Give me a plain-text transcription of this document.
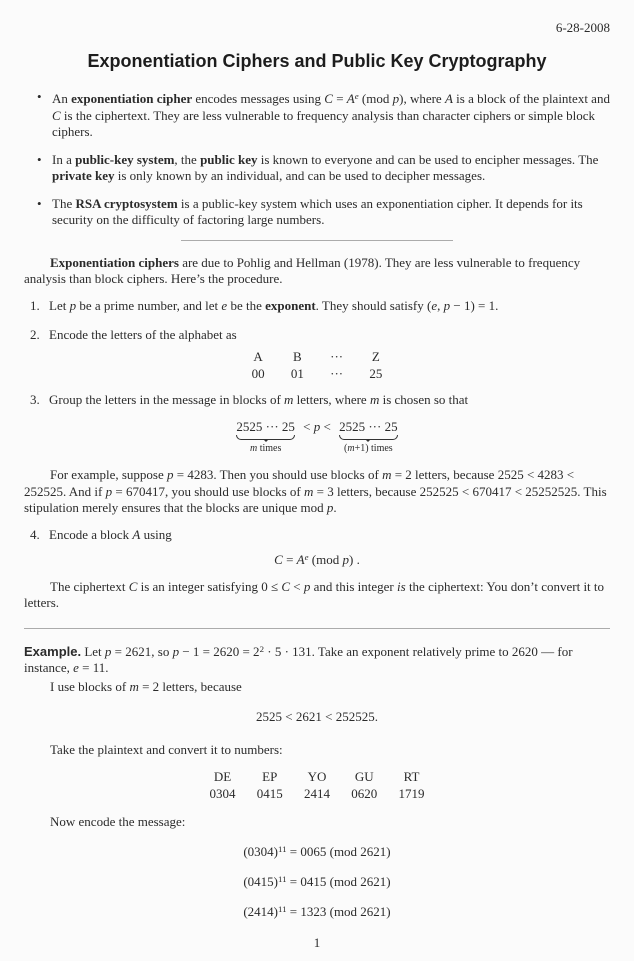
6-28-2008
Exponentiation Ciphers and Public Key Cryptography
• An exponentiation cipher encodes messages using $C = A^e$ (mod p), where A is a block of the plaintext and C is the ciphertext. They are less vulnerable to frequency analysis than character ciphers or simple block ciphers.
• In a public-key system, the public key is known to everyone and can be used to encipher messages. The private key is only known by an individual, and can be used to decipher messages.
• The RSA cryptosystem is a public-key system which uses an exponentiation cipher. It depends for its security on the difficulty of factoring large numbers.

Exponentiation ciphers are due to Pohlig and Hellman (1978). They are less vulnerable to frequency analysis than block ciphers. Here’s the procedure.

1. Let p be a prime number, and let e be the exponent. They should satisfy (e, p − 1) = 1.
2. Encode the letters of the alphabet as
A B ··· Z
00 01 ··· 25
3. Group the letters in the message in blocks of m letters, where m is chosen so that
2525 ··· 25
m times
< p < 2525 ··· 25
(m+1) times

For example, suppose p = 4283. Then you should use blocks of m = 2 letters, because 2525 < 4283 < 252525. And if p = 670417, you should use blocks of m = 3 letters, because 252525 < 670417 < 25252525. This stipulation merely ensures that the blocks are unique mod p.

4. Encode a block A using
$C = A^e$ (mod p) .

The ciphertext C is an integer satisfying 0 ≤ C < p and this integer is the ciphertext: You don’t convert it to letters.

Example. Let p = 2621, so $p - 1 = 2620 = 2^2 \cdot 5 \cdot 131$. Take an exponent relatively prime to 2620 — for instance, e = 11.

I use blocks of m = 2 letters, because

2525 < 2621 < 252525.

Take the plaintext and convert it to numbers:

DE EP YO GU RT
0304 0415 2414 0620 1719

Now encode the message:

$(0304)^{11} = 0065$ (mod 2621)
$(0415)^{11} = 0415$ (mod 2621)
$(2414)^{11} = 1323$ (mod 2621)
1
